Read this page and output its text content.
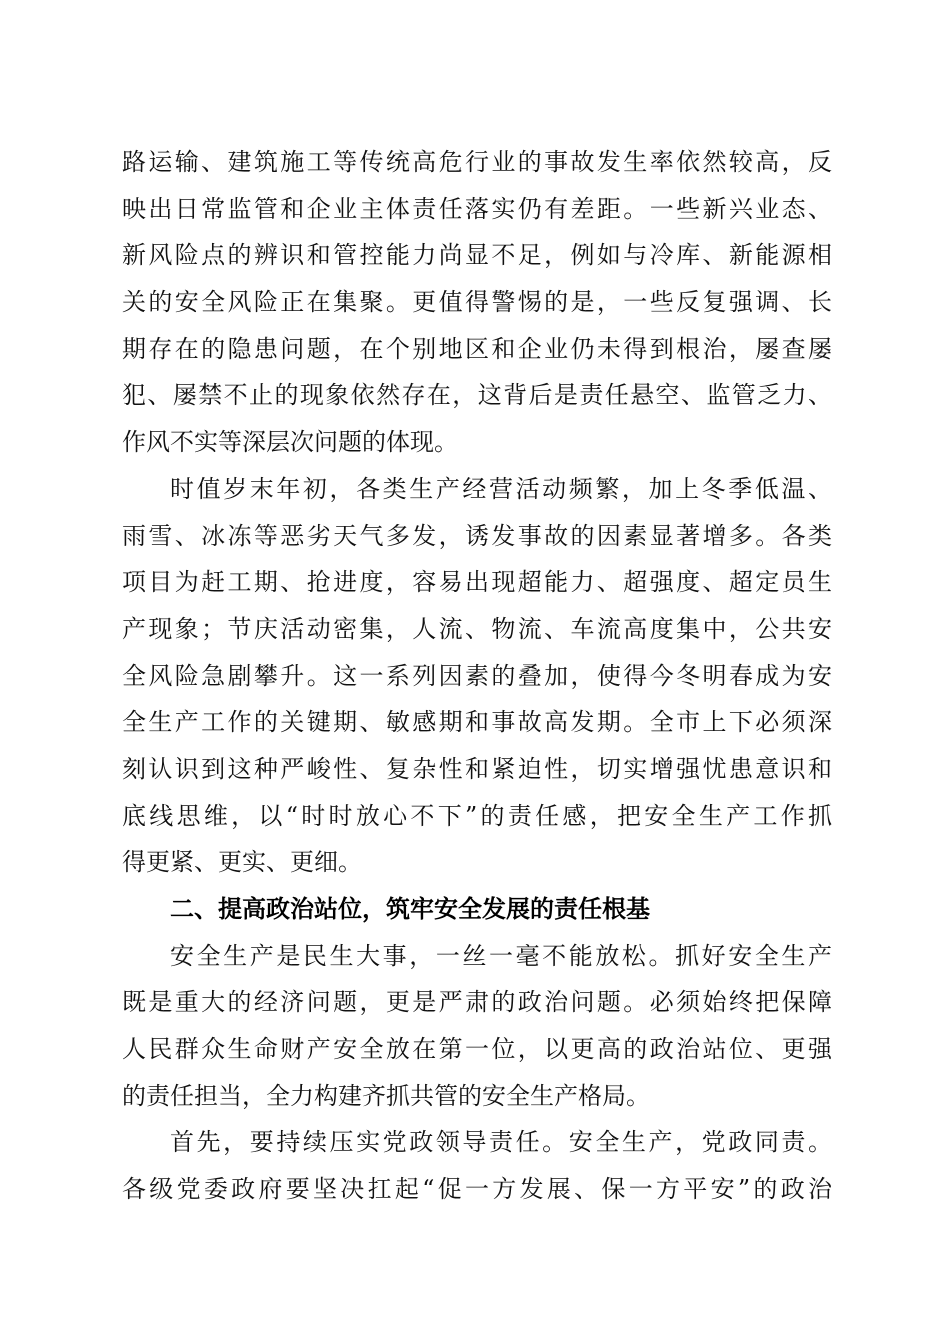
路运输、建筑施工等传统高危行业的事故发生率依然较高，反
映出日常监管和企业主体责任落实仍有差距。一些新兴业态、
新风险点的辨识和管控能力尚显不足，例如与冷库、新能源相
关的安全风险正在集聚。更值得警惕的是，一些反复强调、长
期存在的隐患问题，在个别地区和企业仍未得到根治，屡查屡
犯、屡禁不止的现象依然存在，这背后是责任悬空、监管乏力、
作风不实等深层次问题的体现。
时值岁末年初，各类生产经营活动频繁，加上冬季低温、
雨雪、冰冻等恶劣天气多发，诱发事故的因素显著增多。各类
项目为赶工期、抢进度，容易出现超能力、超强度、超定员生
产现象；节庆活动密集，人流、物流、车流高度集中，公共安
全风险急剧攀升。这一系列因素的叠加，使得今冬明春成为安
全生产工作的关键期、敏感期和事故高发期。全市上下必须深
刻认识到这种严峻性、复杂性和紧迫性，切实增强忧患意识和
底线思维，以“时时放心不下”的责任感，把安全生产工作抓
得更紧、更实、更细。
二、提高政治站位，筑牢安全发展的责任根基
安全生产是民生大事，一丝一毫不能放松。抓好安全生产
既是重大的经济问题，更是严肃的政治问题。必须始终把保障
人民群众生命财产安全放在第一位，以更高的政治站位、更强
的责任担当，全力构建齐抓共管的安全生产格局。
首先，要持续压实党政领导责任。安全生产，党政同责。
各级党委政府要坚决扛起“促一方发展、保一方平安”的政治
